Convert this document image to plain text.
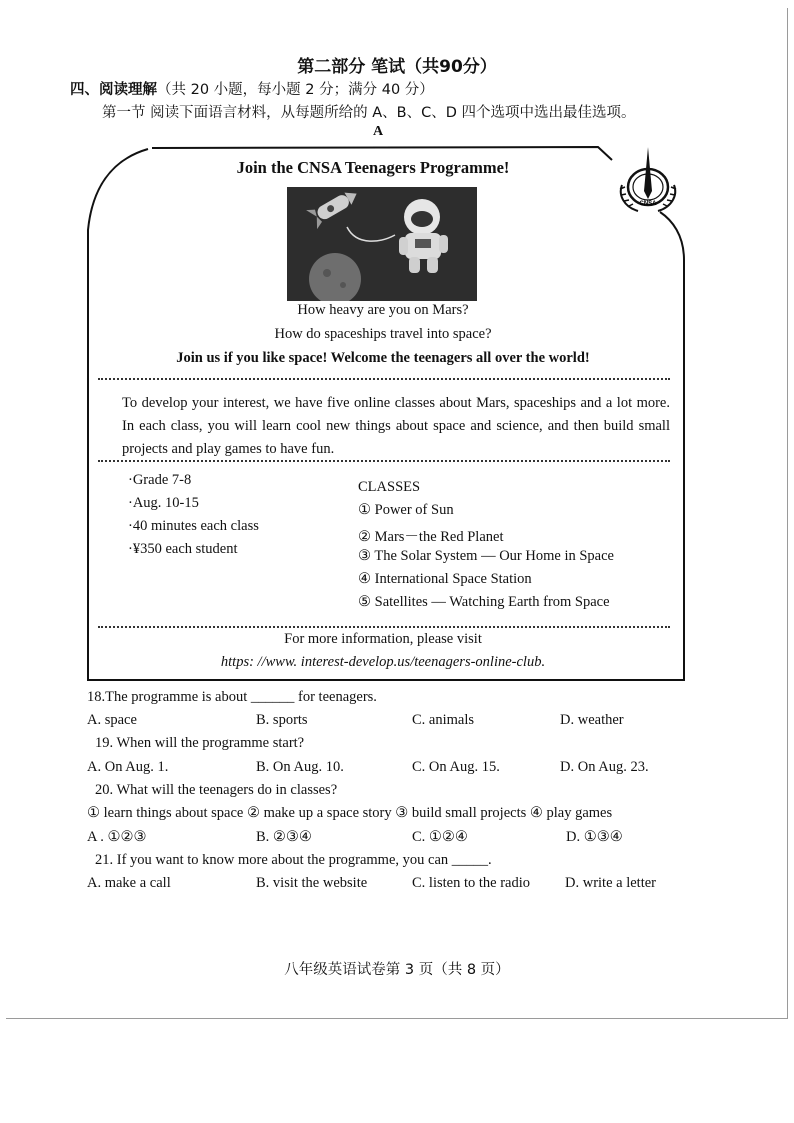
第二部分 笔试（共90分）
四、阅读理解（共 20 小题，每小题 2 分；满分 40 分）
第一节 阅读下面语言材料，从每题所给的 A、B、C、D 四个选项中选出最佳选项。
A
CNSA
Join the CNSA Teenagers Programme!
How heavy are you on Mars?
How do spaceships travel into space?
Join us if you like space! Welcome the teenagers all over the world!
To develop your interest, we have five online classes about Mars, spaceships and a lot more. In each class, you will learn cool new things about space and science, and then build small projects and play games to have fun.
·Grade 7-8
·Aug. 10-15
·40 minutes each class
·¥350 each student
CLASSES
① Power of Sun
② Mars－the Red Planet
③ The Solar System — Our Home in Space
④ International Space Station
⑤ Satellites — Watching Earth from Space
For more information, please visit
https: //www. interest-develop.us/teenagers-online-club.
18.The programme is about ______ for teenagers.
A. space	B. sports	C. animals	D. weather
19. When will the programme start?
A. On Aug. 1.	B. On Aug. 10.	C. On Aug. 15.	D. On Aug. 23.
20. What will the teenagers do in classes?
① learn things about space ② make up a space story ③ build small projects ④ play games
A . ①②③	B. ②③④	C. ①②④	D. ①③④
21. If you want to know more about the programme, you can _____.
A. make a call	B. visit the website	C. listen to the radio D. write a letter
八年级英语试卷第 3 页（共 8 页）
